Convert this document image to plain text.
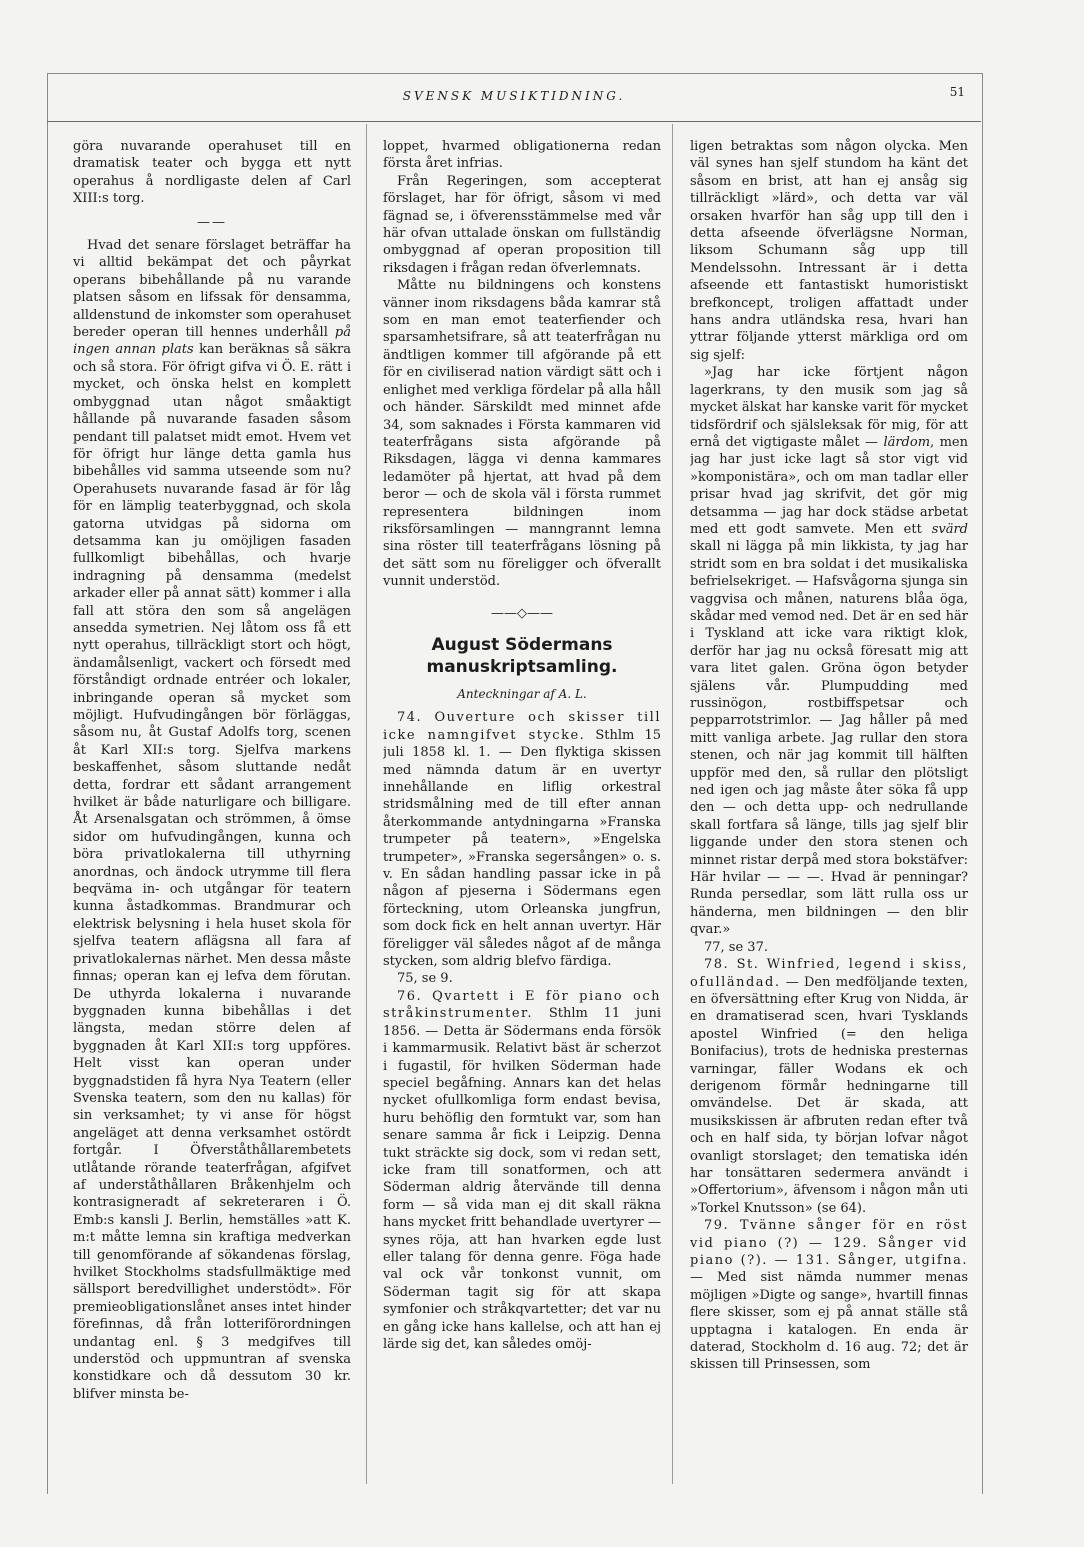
SVENSK MUSIKTIDNING.	51

göra nuvarande operahuset till en dramatisk teater och bygga ett nytt operahus å nordligaste delen af Carl XIII:s torg.

——

Hvad det senare förslaget beträffar ha vi alltid bekämpat det och påyrkat operans bibehållande på nu varande platsen såsom en lifssak för densamma, alldenstund de inkomster som operahuset bereder operan till hennes underhåll på ingen annan plats kan beräknas så säkra och så stora. För öfrigt gifva vi Ö. E. rätt i mycket, och önska helst en komplett ombyggnad utan något småaktigt hållande på nuvarande fasaden såsom pendant till palatset midt emot. Hvem vet för öfrigt hur länge detta gamla hus bibehålles vid samma utseende som nu? Operahusets nuvarande fasad är för låg för en lämplig teaterbyggnad, och skola gatorna utvidgas på sidorna om detsamma kan ju omöjligen fasaden fullkomligt bibehållas, och hvarje indragning på densamma (medelst arkader eller på annat sätt) kommer i alla fall att störa den som så angelägen ansedda symetrien. Nej låtom oss få ett nytt operahus, tillräckligt stort och högt, ändamålsenligt, vackert och försedt med förståndigt ordnade entréer och lokaler, inbringande operan så mycket som möjligt. Hufvudingången bör förläggas, såsom nu, åt Gustaf Adolfs torg, scenen åt Karl XII:s torg. Sjelfva markens beskaffenhet, såsom sluttande nedåt detta, fordrar ett sådant arrangement hvilket är både naturligare och billigare. Åt Arsenalsgatan och strömmen, å ömse sidor om hufvudingången, kunna och böra privatlokalerna till uthyrning anordnas, och ändock utrymme till flera beqväma in- och utgångar för teatern kunna åstadkommas. Brandmurar och elektrisk belysning i hela huset skola för sjelfva teatern aflägsna all fara af privatlokalernas närhet. Men dessa måste finnas; operan kan ej lefva dem förutan. De uthyrda lokalerna i nuvarande byggnaden kunna bibehållas i det längsta, medan större delen af byggnaden åt Karl XII:s torg uppföres. Helt visst kan operan under byggnadstiden få hyra Nya Teatern (eller Svenska teatern, som den nu kallas) för sin verksamhet; ty vi anse för högst angeläget att denna verksamhet ostördt fortgår. I Öfverståthållarembetets utlåtande rörande teaterfrågan, afgifvet af underståthållaren Bråkenhjelm och kontrasigneradt af sekreteraren i Ö. Emb:s kansli J. Berlin, hemställes »att K. m:t måtte lemna sin kraftiga medverkan till genomförande af sökandenas förslag, hvilket Stockholms stadsfullmäktige med sällsport beredvillighet understödt». För premieobligationslånet anses intet hinder förefinnas, då från lotteriförordningen undantag enl. § 3 medgifves till understöd och uppmuntran af svenska konstidkare och då dessutom 30 kr. blifver minsta be-

loppet, hvarmed obligationerna redan första året infrias.

Från Regeringen, som accepterat förslaget, har för öfrigt, såsom vi med fägnad se, i öfverensstämmelse med vår här ofvan uttalade önskan om fullständig ombyggnad af operan proposition till riksdagen i frågan redan öfverlemnats.

Måtte nu bildningens och konstens vänner inom riksdagens båda kamrar stå som en man emot teaterfiender och sparsamhetsifrare, så att teaterfrågan nu ändtligen kommer till afgörande på ett för en civiliserad nation värdigt sätt och i enlighet med verkliga fördelar på alla håll och händer. Särskildt med minnet afde 34, som saknades i Första kammaren vid teaterfrågans sista afgörande på Riksdagen, lägga vi denna kammares ledamöter på hjertat, att hvad på dem beror — och de skola väl i första rummet representera bildningen inom riksförsamlingen — manngrannt lemna sina röster till teaterfrågans lösning på det sätt som nu föreligger och öfverallt vunnit understöd.

——◇——
August Södermans manuskriptsamling.
Anteckningar af A. L.

74. Ouverture och skisser till icke namngifvet stycke. Sthlm 15 juli 1858 kl. 1. — Den flyktiga skissen med nämnda datum är en uvertyr innehållande en liflig orkestral stridsmålning med de till efter annan återkommande antydningarna »Franska trumpeter på teatern», »Engelska trumpeter», »Franska segersången» o. s. v. En sådan handling passar icke in på någon af pjeserna i Södermans egen förteckning, utom Orleanska jungfrun, som dock fick en helt annan uvertyr. Här föreligger väl således något af de många stycken, som aldrig blefvo färdiga.

75, se 9.

76. Qvartett i E för piano och stråkinstrumenter. Sthlm 11 juni 1856. — Detta är Södermans enda försök i kammarmusik. Relativt bäst är scherzot i fugastil, för hvilken Söderman hade speciel begåfning. Annars kan det helas nycket ofullkomliga form endast bevisa, huru behöflig den formtukt var, som han senare samma år fick i Leipzig. Denna tukt sträckte sig dock, som vi redan sett, icke fram till sonatformen, och att Söderman aldrig återvände till denna form — så vida man ej dit skall räkna hans mycket fritt behandlade uvertyrer — synes röja, att han hvarken egde lust eller talang för denna genre. Föga hade val ock vår tonkonst vunnit, om Söderman tagit sig för att skapa symfonier och stråkqvartetter; det var nu en gång icke hans kallelse, och att han ej lärde sig det, kan således omöj-

ligen betraktas som någon olycka. Men väl synes han sjelf stundom ha känt det såsom en brist, att han ej ansåg sig tillräckligt »lärd», och detta var väl orsaken hvarför han såg upp till den i detta afseende öfverlägsne Norman, liksom Schumann såg upp till Mendelssohn. Intressant är i detta afseende ett fantastiskt humoristiskt brefkoncept, troligen affattadt under hans andra utländska resa, hvari han yttrar följande ytterst märkliga ord om sig sjelf:

»Jag har icke förtjent någon lagerkrans, ty den musik som jag så mycket älskat har kanske varit för mycket tidsfördrif och själsleksak för mig, för att ernå det vigtigaste målet — lärdom, men jag har just icke lagt så stor vigt vid »komponistära», och om man tadlar eller prisar hvad jag skrifvit, det gör mig detsamma — jag har dock städse arbetat med ett godt samvete. Men ett svärd skall ni lägga på min likkista, ty jag har stridt som en bra soldat i det musikaliska befrielsekriget. — Hafsvågorna sjunga sin vaggvisa och månen, naturens blåa öga, skådar med vemod ned. Det är en sed här i Tyskland att icke vara riktigt klok, derför har jag nu också föresatt mig att vara litet galen. Gröna ögon betyder själens vår. Plumpudding med russinögon, rostbiffspetsar och pepparrotstrimlor. — Jag håller på med mitt vanliga arbete. Jag rullar den stora stenen, och när jag kommit till hälften uppför med den, så rullar den plötsligt ned igen och jag måste åter söka få upp den — och detta upp- och nedrullande skall fortfara så länge, tills jag sjelf blir liggande under den stora stenen och minnet ristar derpå med stora bokstäfver: Här hvilar — — —. Hvad är penningar? Runda persedlar, som lätt rulla oss ur händerna, men bildningen — den blir qvar.»

77, se 37.

78. St. Winfried, legend i skiss, ofulländad. — Den medföljande texten, en öfversättning efter Krug von Nidda, är en dramatiserad scen, hvari Tysklands apostel Winfried (= den heliga Bonifacius), trots de hedniska presternas varningar, fäller Wodans ek och derigenom förmår hedningarne till omvändelse. Det är skada, att musikskissen är afbruten redan efter två och en half sida, ty början lofvar något ovanligt storslaget; den tematiska idén har tonsättaren sedermera användt i »Offertorium», äfvensom i någon mån uti »Torkel Knutsson» (se 64).

79. Tvänne sånger för en röst vid piano (?) — 129. Sånger vid piano (?). — 131. Sånger, utgifna. — Med sist nämda nummer menas möjligen »Digte og sange», hvartill finnas flere skisser, som ej på annat ställe stå upptagna i katalogen. En enda är daterad, Stockholm d. 16 aug. 72; det är skissen till Prinsessen, som
